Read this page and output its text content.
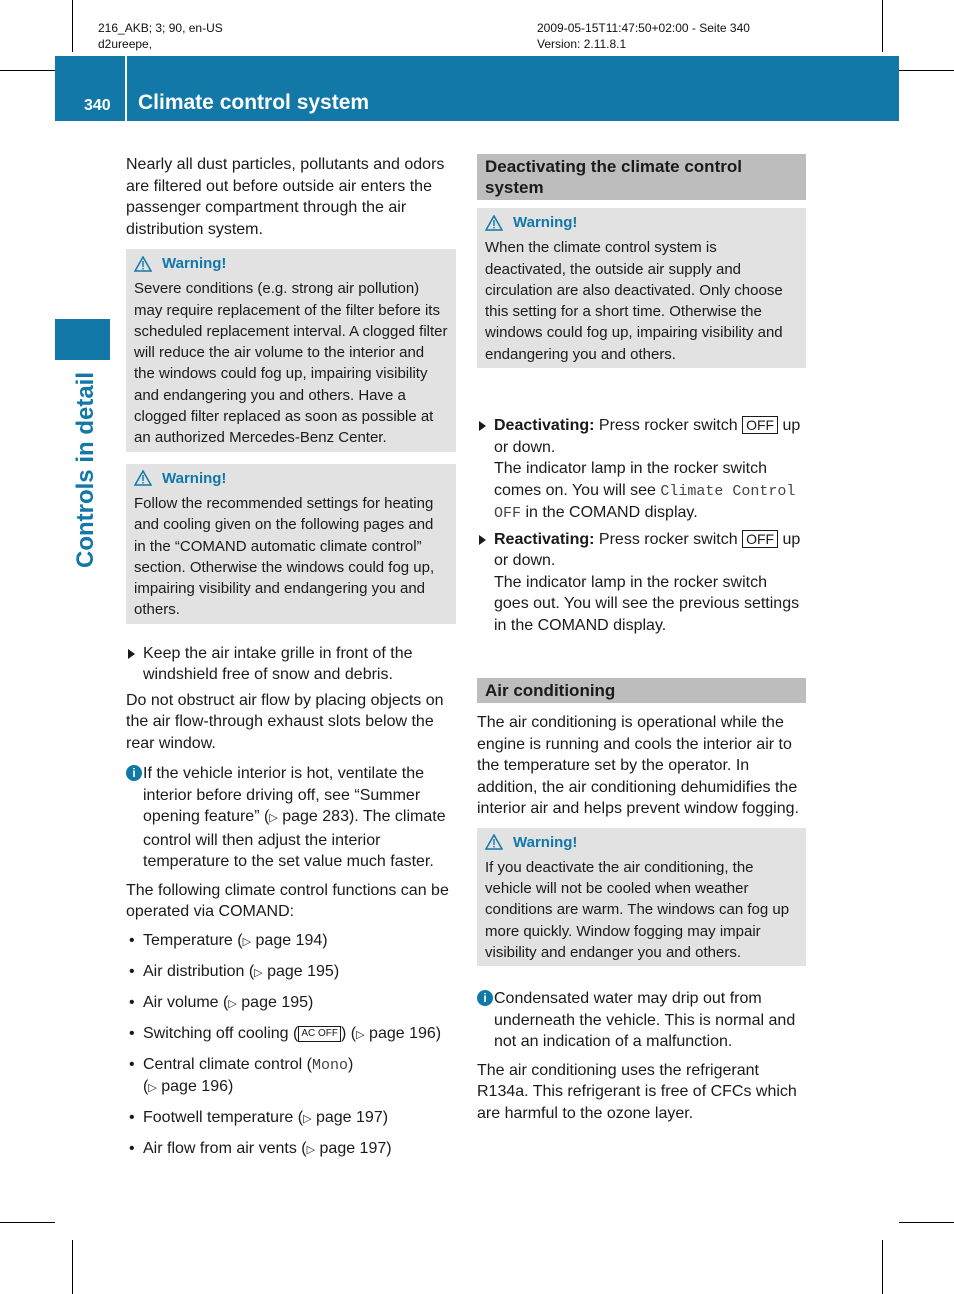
216_AKB; 3; 90, en-US
d2ureepe,
2009-05-15T11:47:50+02:00 - Seite 340
Version: 2.11.8.1
340 Climate control system
Controls in detail

Nearly all dust particles, pollutants and odors are filtered out before outside air enters the passenger compartment through the air distribution system.

Warning!
Severe conditions (e.g. strong air pollution) may require replacement of the filter before its scheduled replacement interval. A clogged filter will reduce the air volume to the interior and the windows could fog up, impairing visibility and endangering you and others. Have a clogged filter replaced as soon as possible at an authorized Mercedes-Benz Center.
Warning!
Follow the recommended settings for heating and cooling given on the following pages and in the “COMAND automatic climate control” section. Otherwise the windows could fog up, impairing visibility and endangering you and others.
Keep the air intake grille in front of the windshield free of snow and debris.

Do not obstruct air flow by placing objects on the air flow-through exhaust slots below the rear window.

i If the vehicle interior is hot, ventilate the interior before driving off, see “Summer opening feature” (▷ page 283). The climate control will then adjust the interior temperature to the set value much faster.

The following climate control functions can be operated via COMAND:

• Temperature (▷ page 194)
• Air distribution (▷ page 195)
• Air volume (▷ page 195)
• Switching off cooling ( AC OFF ) (▷ page 196)
• Central climate control (Mono)
(▷ page 196)
• Footwell temperature (▷ page 197)
• Air flow from air vents (▷ page 197)
Deactivating the climate control system
Warning!
When the climate control system is deactivated, the outside air supply and circulation are also deactivated. Only choose this setting for a short time. Otherwise the windows could fog up, impairing visibility and endangering you and others.
Deactivating: Press rocker switch OFF up or down.
The indicator lamp in the rocker switch comes on. You will see Climate Control OFF in the COMAND display.
Reactivating: Press rocker switch OFF up or down.
The indicator lamp in the rocker switch goes out. You will see the previous settings in the COMAND display.
Air conditioning

The air conditioning is operational while the engine is running and cools the interior air to the temperature set by the operator. In addition, the air conditioning dehumidifies the interior air and helps prevent window fogging.

Warning!
If you deactivate the air conditioning, the vehicle will not be cooled when weather conditions are warm. The windows can fog up more quickly. Window fogging may impair visibility and endanger you and others.
i Condensated water may drip out from underneath the vehicle. This is normal and not an indication of a malfunction.

The air conditioning uses the refrigerant R134a. This refrigerant is free of CFCs which are harmful to the ozone layer.
